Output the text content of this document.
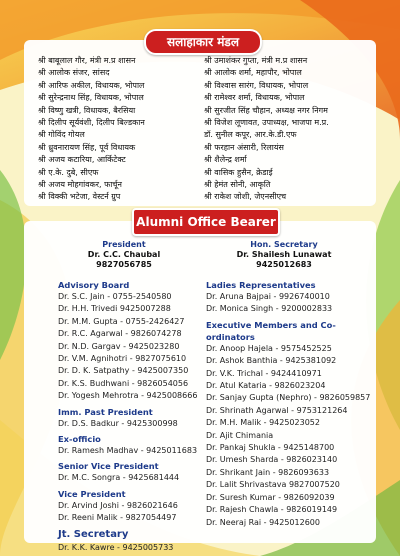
सलाहाकार मंडल
श्री बाबूलाल गौर, मंत्री म.प्र शासन
श्री आलोक संजर, सांसद
श्री आरिफ अकील, विधायक, भोपाल
श्री सुरेन्द्रनाथ सिंह, विधायक, भोपाल
श्री विष्णु खत्री, विधायक, बैरसिया
श्री दिलीप सूर्यवंशी, दिलीप बिल्डकान
श्री गोविंद गोयल
श्री ध्रुवनारायण सिंह, पूर्व विधायक
श्री अजय कटारिया, आर्किटेक्ट
श्री ए.के. दुबे, सीएफ
श्री अजय मोहगांवकर, फार्चून
श्री विक्की भटेजा, वेस्टर्न ग्रुप
श्री उमाशंकर गुप्ता, मंत्री म.प्र शासन
श्री आलोक शर्मा, महापौर, भोपाल
श्री विश्वास सारंग, विधायक, भोपाल
श्री रामेश्वर शर्मा, विधायक, भोपाल
श्री सुरजीत सिंह चौहान, अध्यक्ष नगर निगम
श्री विजेश लूणावत, उपाध्यक्ष, भाजपा म.प्र.
डॉ. सुनील कपूर, आर.के.डी.एफ
श्री फरहान अंसारी, रिलायंस
श्री शैलेन्द्र शर्मा
श्री वासिक हुसैन, क्रेडाई
श्री हेमंत सोनी, आकृति
श्री राकेश जोशी, जेएनसीएच
Alumni Office Bearer
President
Dr. C.C. Chaubal
9827056785
Hon. Secretary
Dr. Shailesh Lunawat
9425012683
Advisory Board
Dr. S.C. Jain - 0755-2540580
Dr. H.H. Trivedi 9425007288
Dr. M.M. Gupta - 0755-2426427
Dr. R.C. Agarwal - 9826074278
Dr. N.D. Gargav - 9425023280
Dr. V.M. Agnihotri - 9827075610
Dr. D. K. Satpathy - 9425007350
Dr. K.S. Budhwani - 9826054056
Dr. Yogesh Mehrotra - 9425008666
Imm. Past President
Dr. D.S. Badkur - 9425300998
Ex-officio
Dr. Ramesh Madhav - 9425011683
Senior Vice President
Dr. M.C. Songra - 9425681444
Vice President
Dr. Arvind Joshi - 9826021646
Dr. Reeni Malik - 9827054497
Jt. Secretary
Dr. K.K. Kawre - 9425005733
Ladies Representatives
Dr. Aruna Bajpai - 9926740010
Dr. Monica Singh - 9200002833
Executive Members and Co-ordinators
Dr. Anoop Hajela - 9575452525
Dr. Ashok Banthia - 9425381092
Dr. V.K. Trichal - 9424410971
Dr. Atul Kataria - 9826023204
Dr. Sanjay Gupta (Nephro) - 9826059857
Dr. Shrinath Agarwal - 9753121264
Dr. M.H. Malik - 9425023052
Dr. Ajit Chimania
Dr. Pankaj Shukla - 9425148700
Dr. Umesh Sharda - 9826023140
Dr. Shrikant Jain - 9826093633
Dr. Lalit Shrivastava 9827007520
Dr. Suresh Kumar - 9826092039
Dr. Rajesh Chawla - 9826019149
Dr. Neeraj Rai - 9425012600
